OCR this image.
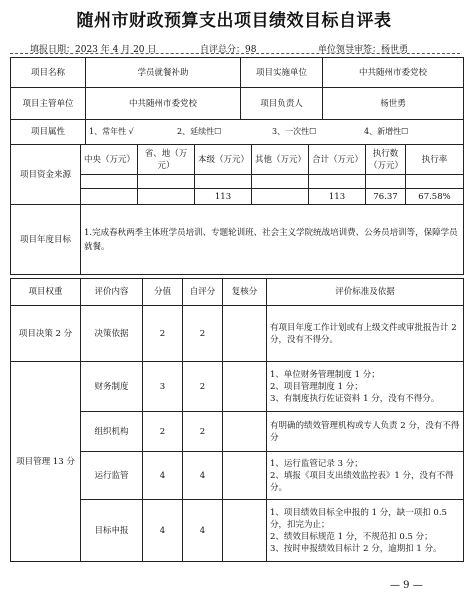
随州市财政预算支出项目绩效目标自评表
填报日期：2023 年 4 月 20 日	自评总分：98	单位领导审签：杨世勇
项目名称	学员就餐补助	项目实施单位	中共随州市委党校
项目主管单位	中共随州市委党校	项目负责人	杨世勇
项目属性	1、常年性 √ 2、延续性☐ 3、一次性☐ 4、新增性☐		
项目资金来源	中央（万元）	省、地（万元）	本级（万元）	其他（万元）	合计（万元）	执行数（万元）	执行率

			113		113	76.37	67.58%
项目年度目标	1.完成春秋两季主体班学员培训、专题轮训班、社会主义学院统战培训费、公务员培训等，保障学员就餐。
项目权重	评价内容	分值	自评分	复核分	评价标准及依据
项目决策 2 分	决策依据	2	2		有项目年度工作计划或有上级文件或审批报告计 2 分，没有不得分。
项目管理 13 分	财务制度	3	2		1、单位财务管理制度 1 分；
2、项目管理制度 1 分；
3、有制度执行佐证资料 1 分，没有不得分。
	组织机构	2	2		有明确的绩效管理机构或专人负责 2 分，没有不得分
	运行监管	4	4		1、运行监管记录 3 分；
2、填报《项目支出绩效监控表》1 分，没有不得分。
	目标申报	4	4		1、项目绩效目标全申报的 1 分，缺一项扣 0.5 分，扣完为止；
2、绩效目标规范 1 分，不规范扣 0.5 分；
3、按时申报绩效目标计 2 分，逾期扣 1 分。
— 9 —
